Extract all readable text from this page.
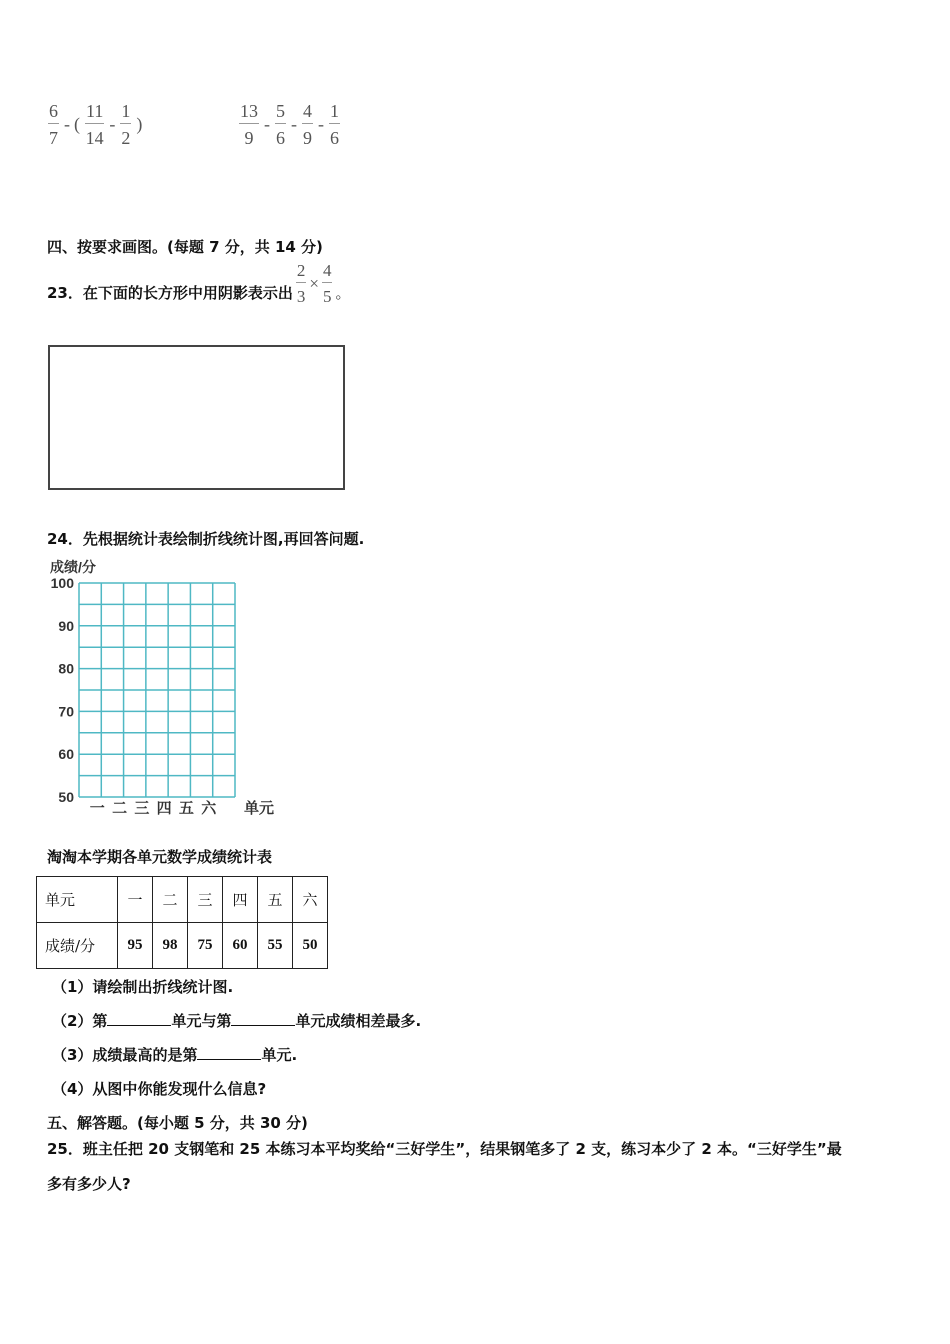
$\frac{6}{7}$ - ( $\frac{11}{14} - \frac{1}{2}$ )	$\frac{13}{9} - \frac{5}{6} - \frac{4}{9} - \frac{1}{6}$
四、按要求画图。(每题 7 分，共 14 分)
23．在下面的长方形中用阴影表示出 $\frac{2}{3} \times \frac{4}{5}$ 。
24．先根据统计表绘制折线统计图,再回答问题.
成绩/分
100
90
80
70
60
50
一 二 三 四 五 六 单元
淘淘本学期各单元数学成绩统计表
单元	一	二	三	四	五	六
成绩/分	95	98	75	60	55	50
（1）请绘制出折线统计图.
（2）第	单元与第	单元成绩相差最多.
（3）成绩最高的是第	单元.
（4）从图中你能发现什么信息?
五、解答题。(每小题 5 分，共 30 分)
25．班主任把 20 支钢笔和 25 本练习本平均奖给“三好学生”，结果钢笔多了 2 支，练习本少了 2 本。“三好学生”最
多有多少人?
